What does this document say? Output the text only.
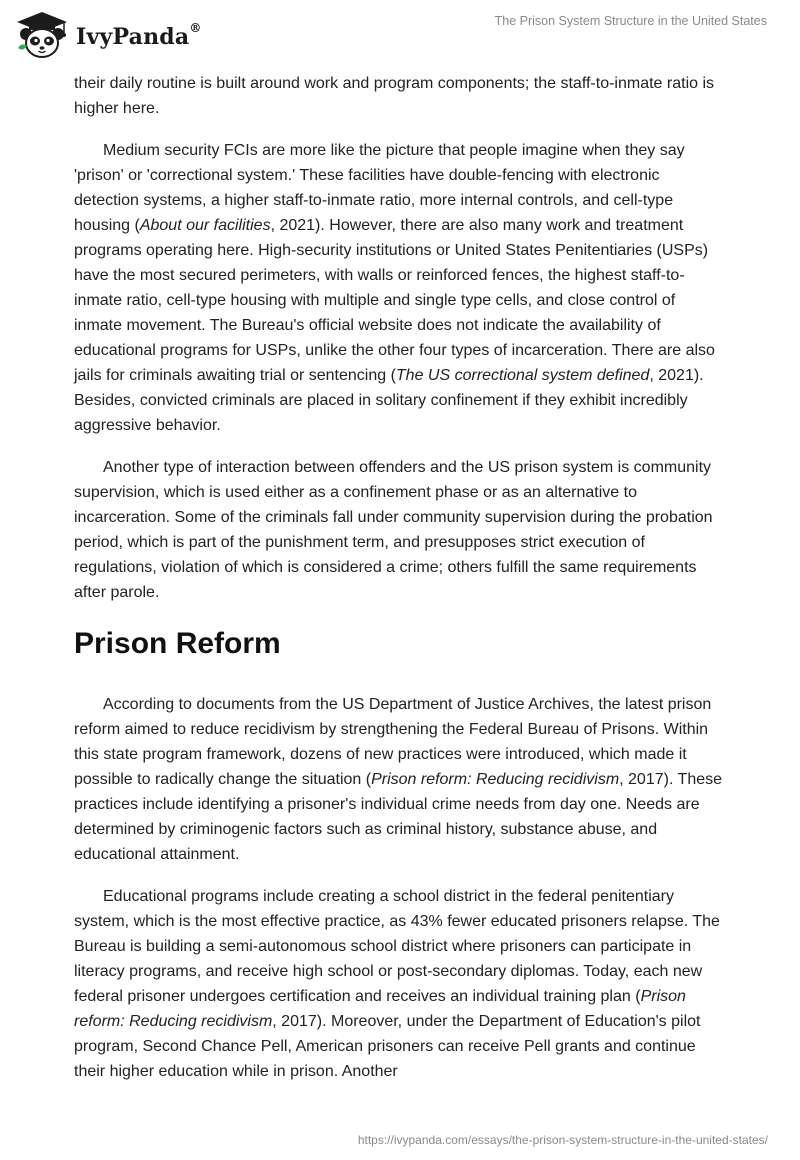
IvyPanda®	The Prison System Structure in the United States

their daily routine is built around work and program components; the staff-to-inmate ratio is higher here.

Medium security FCIs are more like the picture that people imagine when they say 'prison' or 'correctional system.' These facilities have double-fencing with electronic detection systems, a higher staff-to-inmate ratio, more internal controls, and cell-type housing (About our facilities, 2021). However, there are also many work and treatment programs operating here. High-security institutions or United States Penitentiaries (USPs) have the most secured perimeters, with walls or reinforced fences, the highest staff-to-inmate ratio, cell-type housing with multiple and single type cells, and close control of inmate movement. The Bureau's official website does not indicate the availability of educational programs for USPs, unlike the other four types of incarceration. There are also jails for criminals awaiting trial or sentencing (The US correctional system defined, 2021). Besides, convicted criminals are placed in solitary confinement if they exhibit incredibly aggressive behavior.

Another type of interaction between offenders and the US prison system is community supervision, which is used either as a confinement phase or as an alternative to incarceration. Some of the criminals fall under community supervision during the probation period, which is part of the punishment term, and presupposes strict execution of regulations, violation of which is considered a crime; others fulfill the same requirements after parole.

Prison Reform

According to documents from the US Department of Justice Archives, the latest prison reform aimed to reduce recidivism by strengthening the Federal Bureau of Prisons. Within this state program framework, dozens of new practices were introduced, which made it possible to radically change the situation (Prison reform: Reducing recidivism, 2017). These practices include identifying a prisoner's individual crime needs from day one. Needs are determined by criminogenic factors such as criminal history, substance abuse, and educational attainment.

Educational programs include creating a school district in the federal penitentiary system, which is the most effective practice, as 43% fewer educated prisoners relapse. The Bureau is building a semi-autonomous school district where prisoners can participate in literacy programs, and receive high school or post-secondary diplomas. Today, each new federal prisoner undergoes certification and receives an individual training plan (Prison reform: Reducing recidivism, 2017). Moreover, under the Department of Education's pilot program, Second Chance Pell, American prisoners can receive Pell grants and continue their higher education while in prison. Another

https://ivypanda.com/essays/the-prison-system-structure-in-the-united-states/
